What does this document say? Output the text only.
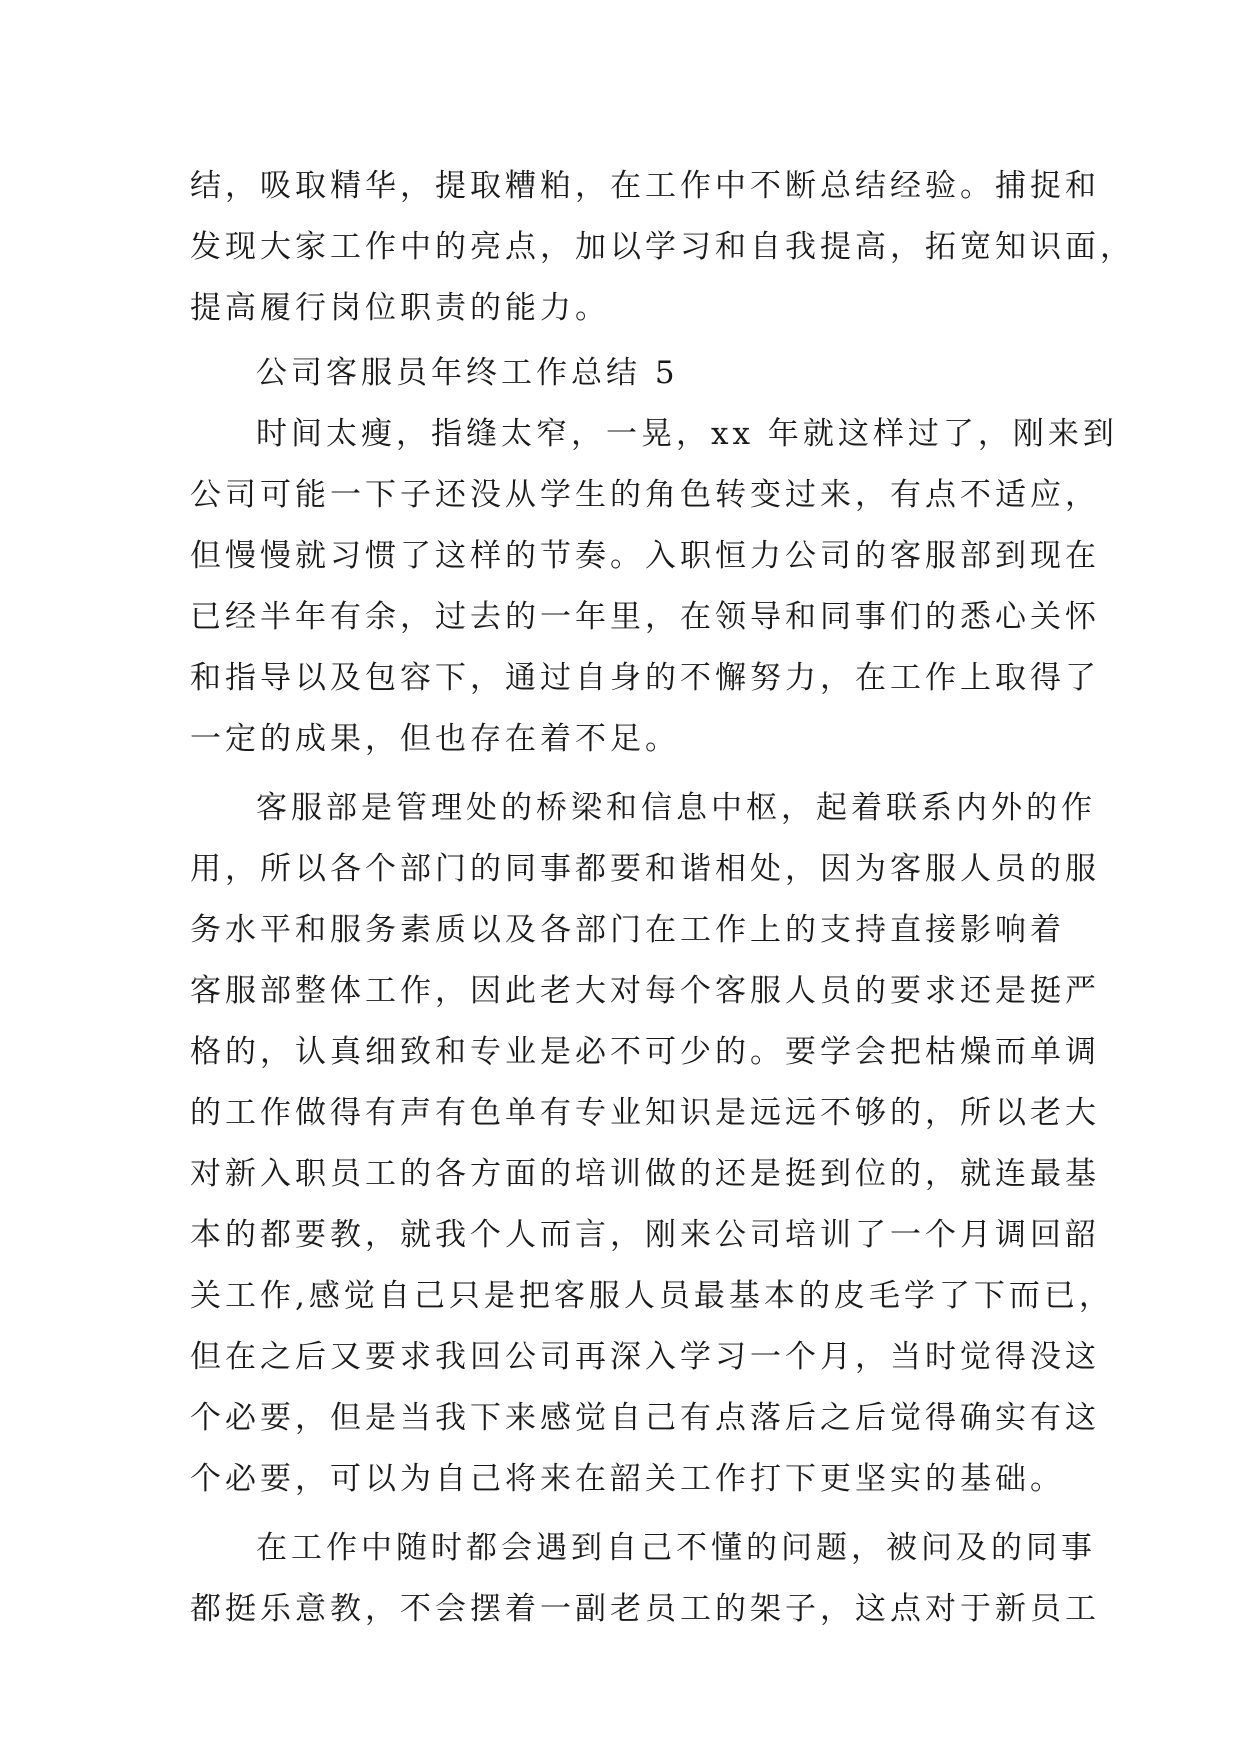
结，吸取精华，提取糟粕，在工作中不断总结经验。捕捉和
发现大家工作中的亮点，加以学习和自我提高，拓宽知识面，
提高履行岗位职责的能力。
公司客服员年终工作总结 5
时间太瘦，指缝太窄，一晃，xx 年就这样过了，刚来到
公司可能一下子还没从学生的角色转变过来，有点不适应，
但慢慢就习惯了这样的节奏。入职恒力公司的客服部到现在
已经半年有余，过去的一年里，在领导和同事们的悉心关怀
和指导以及包容下，通过自身的不懈努力，在工作上取得了
一定的成果，但也存在着不足。
客服部是管理处的桥梁和信息中枢，起着联系内外的作
用，所以各个部门的同事都要和谐相处，因为客服人员的服
务水平和服务素质以及各部门在工作上的支持直接影响着
客服部整体工作，因此老大对每个客服人员的要求还是挺严
格的，认真细致和专业是必不可少的。要学会把枯燥而单调
的工作做得有声有色单有专业知识是远远不够的，所以老大
对新入职员工的各方面的培训做的还是挺到位的，就连最基
本的都要教，就我个人而言，刚来公司培训了一个月调回韶
关工作,感觉自己只是把客服人员最基本的皮毛学了下而已，
但在之后又要求我回公司再深入学习一个月，当时觉得没这
个必要，但是当我下来感觉自己有点落后之后觉得确实有这
个必要，可以为自己将来在韶关工作打下更坚实的基础。
在工作中随时都会遇到自己不懂的问题，被问及的同事
都挺乐意教，不会摆着一副老员工的架子，这点对于新员工
